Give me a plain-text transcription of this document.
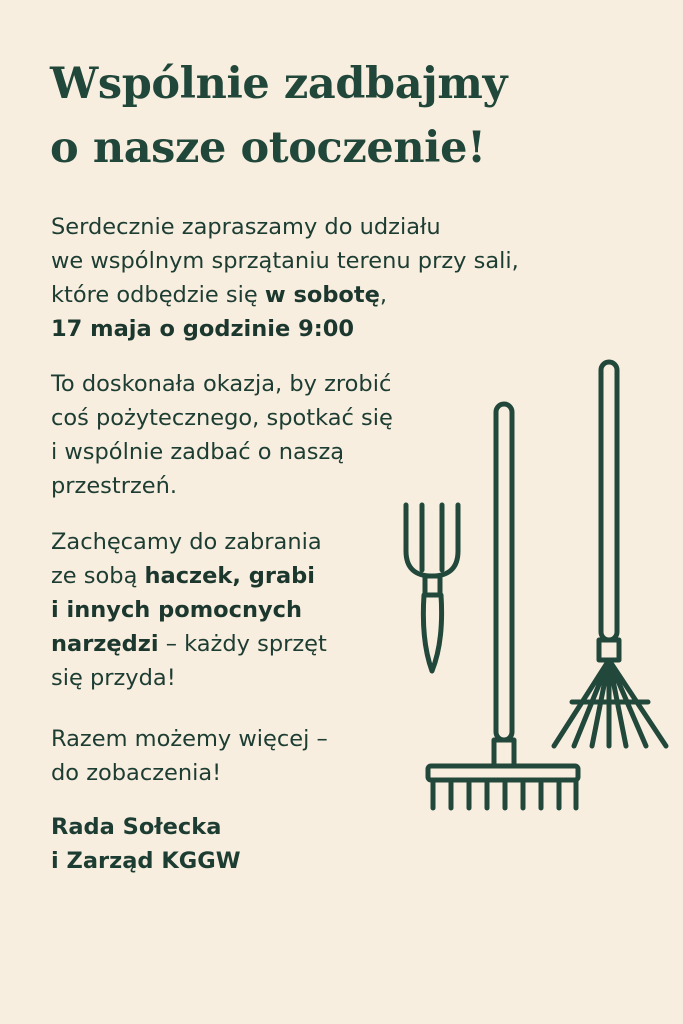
Wspólnie zadbajmy
o nasze otoczenie!

Serdecznie zapraszamy do udziału
we wspólnym sprzątaniu terenu przy sali,
które odbędzie się w sobotę,
17 maja o godzinie 9:00

To doskonała okazja, by zrobić
coś pożytecznego, spotkać się
i wspólnie zadbać o naszą
przestrzeń.

Zachęcamy do zabrania
ze sobą haczek, grabi
i innych pomocnych
narzędzi – każdy sprzęt
się przyda!

Razem możemy więcej –
do zobaczenia!

Rada Sołecka
i Zarząd KGGW
